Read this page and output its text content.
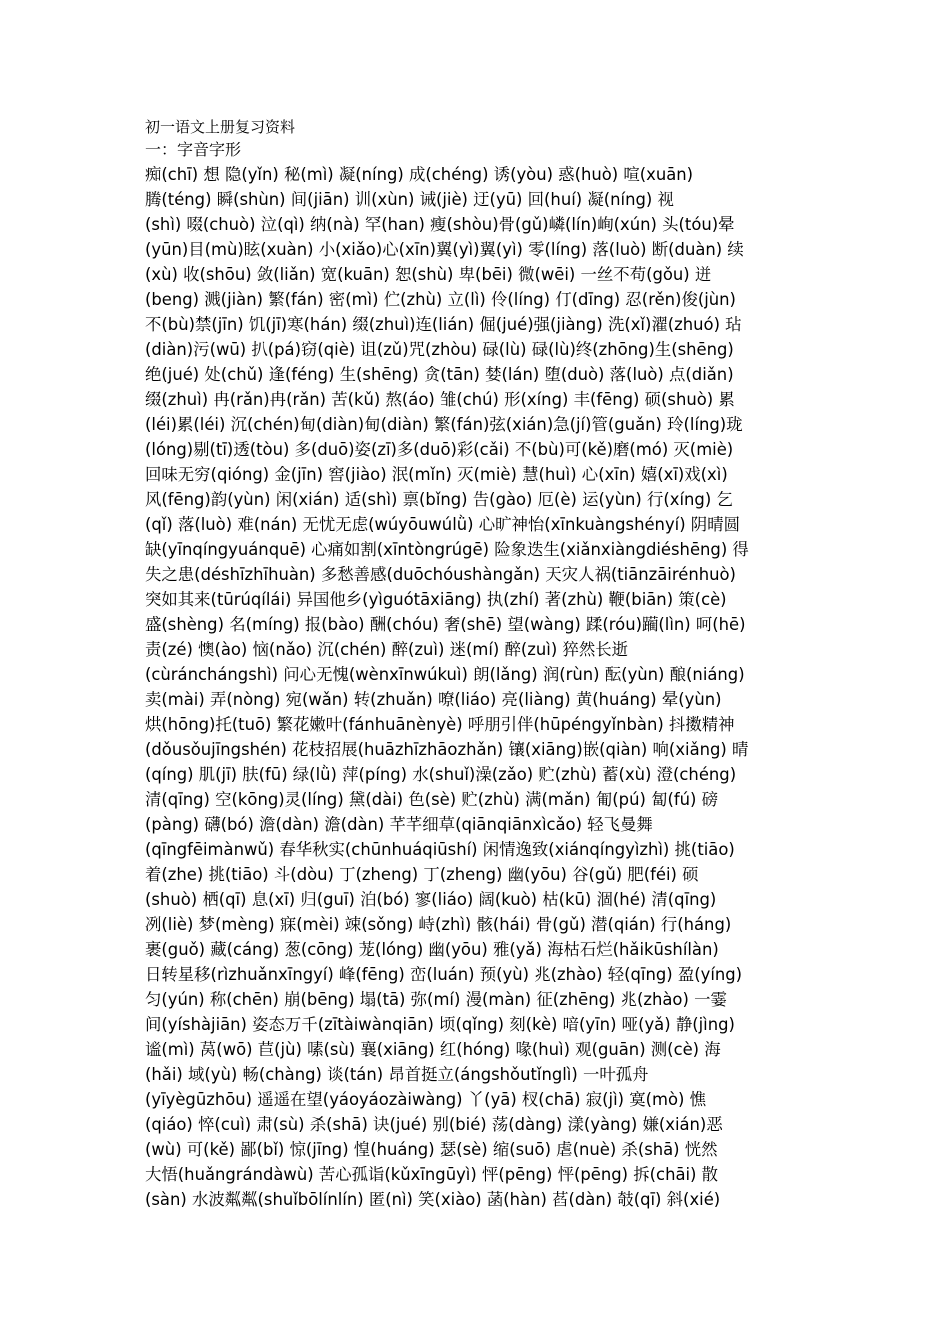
初一语文上册复习资料

一：字音字形

痴(chī) 想 隐(yǐn) 秘(mì) 凝(níng) 成(chéng) 诱(yòu) 惑(huò) 喧(xuān)

腾(téng) 瞬(shùn) 间(jiān) 训(xùn) 诫(jiè) 迂(yū) 回(huí) 凝(níng) 视

(shì) 啜(chuò) 泣(qì) 纳(nà) 罕(han) 瘦(shòu)骨(gǔ)嶙(lín)峋(xún) 头(tóu)晕

(yūn)目(mù)眩(xuàn) 小(xiǎo)心(xīn)翼(yì)翼(yì) 零(líng) 落(luò) 断(duàn) 续

(xù) 收(shōu) 敛(liǎn) 宽(kuān) 恕(shù) 卑(bēi) 微(wēi) 一丝不苟(gǒu) 迸

(beng) 溅(jiàn) 繁(fán) 密(mì) 伫(zhù) 立(lì) 伶(líng) 仃(dīng) 忍(rěn)俊(jùn)

不(bù)禁(jīn) 饥(jī)寒(hán) 缀(zhuì)连(lián) 倔(jué)强(jiàng) 洗(xǐ)濯(zhuó) 玷

(diàn)污(wū) 扒(pá)窃(qiè) 诅(zǔ)咒(zhòu) 碌(lù) 碌(lù)终(zhōng)生(shēng)

绝(jué) 处(chǔ) 逢(féng) 生(shēng) 贪(tān) 婪(lán) 堕(duò) 落(luò) 点(diǎn)

缀(zhuì) 冉(rǎn)冉(rǎn) 苦(kǔ) 熬(áo) 雏(chú) 形(xíng) 丰(fēng) 硕(shuò) 累

(léi)累(léi) 沉(chén)甸(diàn)甸(diàn) 繁(fán)弦(xián)急(jí)管(guǎn) 玲(líng)珑

(lóng)剔(tī)透(tòu) 多(duō)姿(zī)多(duō)彩(cǎi) 不(bù)可(kě)磨(mó) 灭(miè)

回味无穷(qióng) 金(jīn) 窖(jiào) 泯(mǐn) 灭(miè) 慧(huì) 心(xīn) 嬉(xī)戏(xì)

风(fēng)韵(yùn) 闲(xián) 适(shì) 禀(bǐng) 告(gào) 厄(è) 运(yùn) 行(xíng) 乞

(qǐ) 落(luò) 难(nán) 无忧无虑(wúyōuwúlǜ) 心旷神怡(xīnkuàngshényí) 阴晴圆

缺(yīnqíngyuánquē) 心痛如割(xīntòngrúgē) 险象迭生(xiǎnxiàngdiéshēng) 得

失之患(déshīzhīhuàn) 多愁善感(duōchóushàngǎn) 天灾人祸(tiānzāirénhuò)

突如其来(tūrúqílái) 异国他乡(yìguótāxiāng) 执(zhí) 著(zhù) 鞭(biān) 策(cè)

盛(shèng) 名(míng) 报(bào) 酬(chóu) 奢(shē) 望(wàng) 蹂(róu)躏(lìn) 呵(hē)

责(zé) 懊(ào) 恼(nǎo) 沉(chén) 醉(zuì) 迷(mí) 醉(zuì) 猝然长逝

(cùránchángshì) 问心无愧(wènxīnwúkuì) 朗(lǎng) 润(rùn) 酝(yùn) 酿(niáng)

卖(mài) 弄(nòng) 宛(wǎn) 转(zhuǎn) 嘹(liáo) 亮(liàng) 黄(huáng) 晕(yùn)

烘(hōng)托(tuō) 繁花嫩叶(fánhuānènyè) 呼朋引伴(hūpéngyǐnbàn) 抖擞精神

(dǒusǒujīngshén) 花枝招展(huāzhīzhāozhǎn) 镶(xiāng)嵌(qiàn) 响(xiǎng) 晴

(qíng) 肌(jī) 肤(fū) 绿(lǜ) 萍(píng) 水(shuǐ)澡(zǎo) 贮(zhù) 蓄(xù) 澄(chéng)

清(qīng) 空(kōng)灵(líng) 黛(dài) 色(sè) 贮(zhù) 满(mǎn) 匍(pú) 匐(fú) 磅

(pàng) 礴(bó) 澹(dàn) 澹(dàn) 芊芊细草(qiānqiānxìcǎo) 轻飞曼舞

(qīngfēimànwǔ) 春华秋实(chūnhuáqiūshí) 闲情逸致(xiánqíngyìzhì) 挑(tiāo)

着(zhe) 挑(tiāo) 斗(dòu) 丁(zheng) 丁(zheng) 幽(yōu) 谷(gǔ) 肥(féi) 硕

(shuò) 栖(qī) 息(xī) 归(guī) 泊(bó) 寥(liáo) 阔(kuò) 枯(kū) 涸(hé) 清(qīng)

冽(liè) 梦(mèng) 寐(mèi) 竦(sǒng) 峙(zhì) 骸(hái) 骨(gǔ) 潜(qián) 行(háng)

裹(guǒ) 藏(cáng) 葱(cōng) 茏(lóng) 幽(yōu) 雅(yǎ) 海枯石烂(hǎikūshílàn)

日转星移(rìzhuǎnxīngyí) 峰(fēng) 峦(luán) 预(yù) 兆(zhào) 轻(qīng) 盈(yíng)

匀(yún) 称(chēn) 崩(bēng) 塌(tā) 弥(mí) 漫(màn) 征(zhēng) 兆(zhào) 一霎

间(yíshàjiān) 姿态万千(zītàiwànqiān) 顷(qǐng) 刻(kè) 喑(yīn) 哑(yǎ) 静(jìng)

谧(mì) 莴(wō) 苣(jù) 嗉(sù) 襄(xiāng) 红(hóng) 喙(huì) 观(guān) 测(cè) 海

(hǎi) 域(yù) 畅(chàng) 谈(tán) 昂首挺立(ángshǒutǐnglì) 一叶孤舟

(yīyègūzhōu) 遥遥在望(yáoyáozàiwàng) 丫(yā) 杈(chā) 寂(jì) 寞(mò) 憔

(qiáo) 悴(cuì) 肃(sù) 杀(shā) 诀(jué) 别(bié) 荡(dàng) 漾(yàng) 嫌(xián)恶

(wù) 可(kě) 鄙(bǐ) 惊(jīng) 惶(huáng) 瑟(sè) 缩(suō) 虐(nuè) 杀(shā) 恍然

大悟(huǎngrándàwù) 苦心孤诣(kǔxīngūyì) 怦(pēng) 怦(pēng) 拆(chāi) 散

(sàn) 水波粼粼(shuǐbōlínlín) 匿(nì) 笑(xiào) 菡(hàn) 萏(dàn) 攲(qī) 斜(xié)
